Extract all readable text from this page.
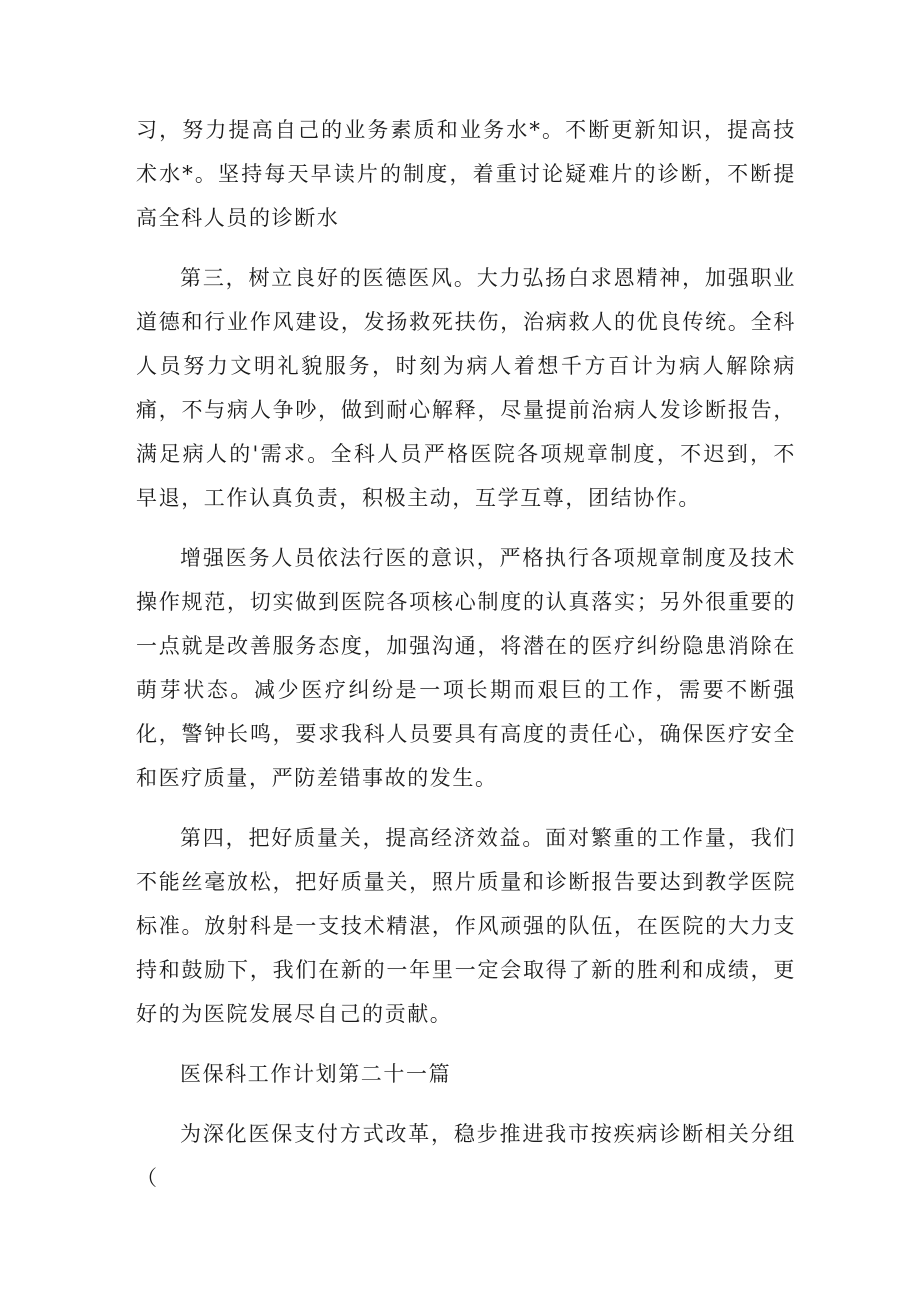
习，努力提高自己的业务素质和业务水*。不断更新知识，提高技术水*。坚持每天早读片的制度，着重讨论疑难片的诊断，不断提高全科人员的诊断水

第三，树立良好的医德医风。大力弘扬白求恩精神，加强职业道德和行业作风建设，发扬救死扶伤，治病救人的优良传统。全科人员努力文明礼貌服务，时刻为病人着想千方百计为病人解除病痛，不与病人争吵，做到耐心解释，尽量提前治病人发诊断报告，满足病人的'需求。全科人员严格医院各项规章制度，不迟到，不早退，工作认真负责，积极主动，互学互尊，团结协作。

增强医务人员依法行医的意识，严格执行各项规章制度及技术操作规范，切实做到医院各项核心制度的认真落实；另外很重要的一点就是改善服务态度，加强沟通，将潜在的医疗纠纷隐患消除在萌芽状态。减少医疗纠纷是一项长期而艰巨的工作，需要不断强化，警钟长鸣，要求我科人员要具有高度的责任心，确保医疗安全和医疗质量，严防差错事故的发生。

第四，把好质量关，提高经济效益。面对繁重的工作量，我们不能丝毫放松，把好质量关，照片质量和诊断报告要达到教学医院标准。放射科是一支技术精湛，作风顽强的队伍，在医院的大力支持和鼓励下，我们在新的一年里一定会取得了新的胜利和成绩，更好的为医院发展尽自己的贡献。

医保科工作计划第二十一篇

为深化医保支付方式改革，稳步推进我市按疾病诊断相关分组（
